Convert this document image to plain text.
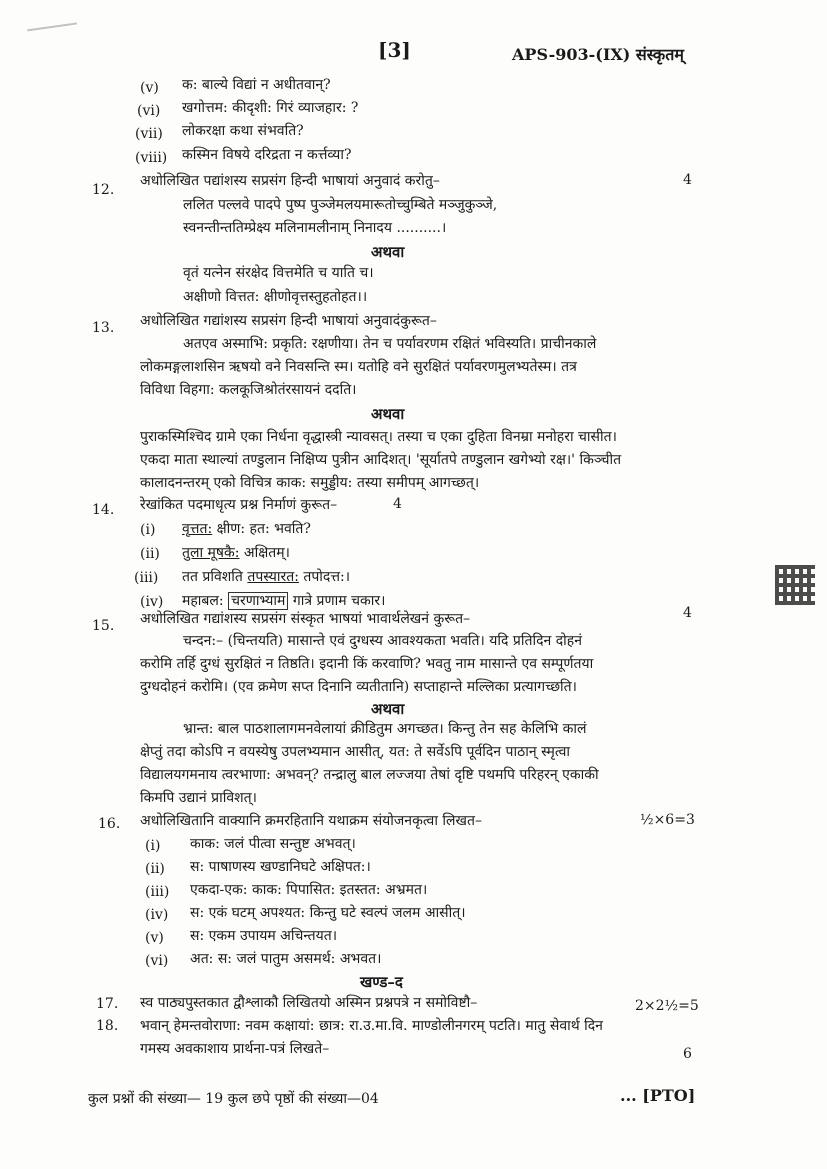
[3]	APS-903-(IX) संस्कृतम्
(v) क: बाल्ये विद्यां न अधीतवान्?
(vi) खगोत्तम: कीदृशी: गिरं व्याजहार: ?
(vii) लोकरक्षा कथा संभवति?
(viii) कस्मिन विषये दरिद्रता न कर्त्तव्या?
12.
अधोलिखित पद्यांशस्य सप्रसंग हिन्दी भाषायां अनुवादं करोतु–	4
ललित पल्लवे पादपे पुष्प पुञ्जेमलयमारूतोच्चुम्बिते मञ्जुकुञ्जे,
स्वनन्तीन्ततिम्प्रेक्ष्य मलिनामलीनाम् निनादय ..........।
अथवा
वृतं यत्नेन संरक्षेद वित्तमेति च याति च।
अक्षीणो वित्तत: क्षीणोवृत्तस्तुहतोहत।।
13. अधोलिखित गद्यांशस्य सप्रसंग हिन्दी भाषायां अनुवादंकुरूत–
अतएव अस्माभि: प्रकृति: रक्षणीया। तेन च पर्यावरणम रक्षितं भविस्यति। प्राचीनकाले
लोकमङ्गलाशसिन ऋषयो वने निवसन्ति स्म। यतोहि वने सुरक्षितं पर्यावरणमुलभ्यतेस्म। तत्र
विविधा विहगा: कलकूजिश्रोतंरसायनं ददति।
अथवा
पुराकस्मिश्चिद ग्रामे एका निर्धना वृद्धास्त्री न्यावसत्। तस्या च एका दुहिता विनम्रा मनोहरा चासीत।
एकदा माता स्थाल्यां तण्डुलान निक्षिप्य पुत्रीन आदिशत्। 'सूर्यातपे तण्डुलान खगेभ्यो रक्ष।' किञ्चीत
कालादनन्तरम् एको विचित्र काक: समुड्डीय: तस्या समीपम् आगच्छत्।
14. रेखांकित पदमाधृत्य प्रश्न निर्माणं कुरूत–	4
(i) वृत्तत: क्षीण: हत: भवति?
(ii) तुला मूषकै: अक्षितम्।
(iii) तत प्रविशति तपस्यारत: तपोदत्त:।
(iv) महाबल: चरणाभ्याम गात्रे प्रणाम चकार।
15. अधोलिखित गद्यांशस्य सप्रसंग संस्कृत भाषयां भावार्थलेखनं कुरूत–	4
चन्दन:– (चिन्तयति) मासान्ते एवं दुग्धस्य आवश्यकता भवति। यदि प्रतिदिन दोहनं
करोमि तर्हि दुग्धं सुरक्षितं न तिष्ठति। इदानी किं करवाणि? भवतु नाम मासान्ते एव सम्पूर्णतया
दुग्धदोहनं करोमि। (एव क्रमेण सप्त दिनानि व्यतीतानि) सप्ताहान्ते मल्लिका प्रत्यागच्छति।
अथवा
भ्रान्त: बाल पाठशालागमनवेलायां क्रीडितुम अगच्छत। किन्तु तेन सह केलिभि कालं
क्षेप्तुं तदा कोऽपि न वयस्येषु उपलभ्यमान आसीत्, यत: ते सर्वेऽपि पूर्वदिन पाठान् स्मृत्वा
विद्यालयगमनाय त्वरभाणा: अभवन्? तन्द्रालु बाल लज्जया तेषां दृष्टि पथमपि परिहरन् एकाकी
किमपि उद्यानं प्राविशत्।
16. अधोलिखितानि वाक्यानि क्रमरहितानि यथाक्रम संयोजनकृत्वा लिखत–	½×6=3
(i) काक: जलं पीत्वा सन्तुष्ट अभवत्।
(ii) स: पाषाणस्य खण्डानिघटे अक्षिपत:।
(iii) एकदा-एक: काक: पिपासित: इतस्तत: अभ्रमत।
(iv) स: एकं घटम् अपश्यत: किन्तु घटे स्वल्पं जलम आसीत्।
(v) स: एकम उपायम अचिन्तयत।
(vi) अत: स: जलं पातुम असमर्थ: अभवत।
खण्ड–द
17. स्व पाठ्यपुस्तकात द्वौश्लाकौ लिखितयो अस्मिन प्रश्नपत्रे न समोविष्टौ–	2×2½=5
18. भवान् हेमन्तवोराणा: नवम कक्षायां: छात्र: रा.उ.मा.वि. माण्डोलीनगरम् पटति। मातु सेवार्थ दिन
गमस्य अवकाशाय प्रार्थना-पत्रं लिखते–	6
कुल प्रश्नों की संख्या— 19 कुल छपे पृष्ठों की संख्या—04	... [PTO]
